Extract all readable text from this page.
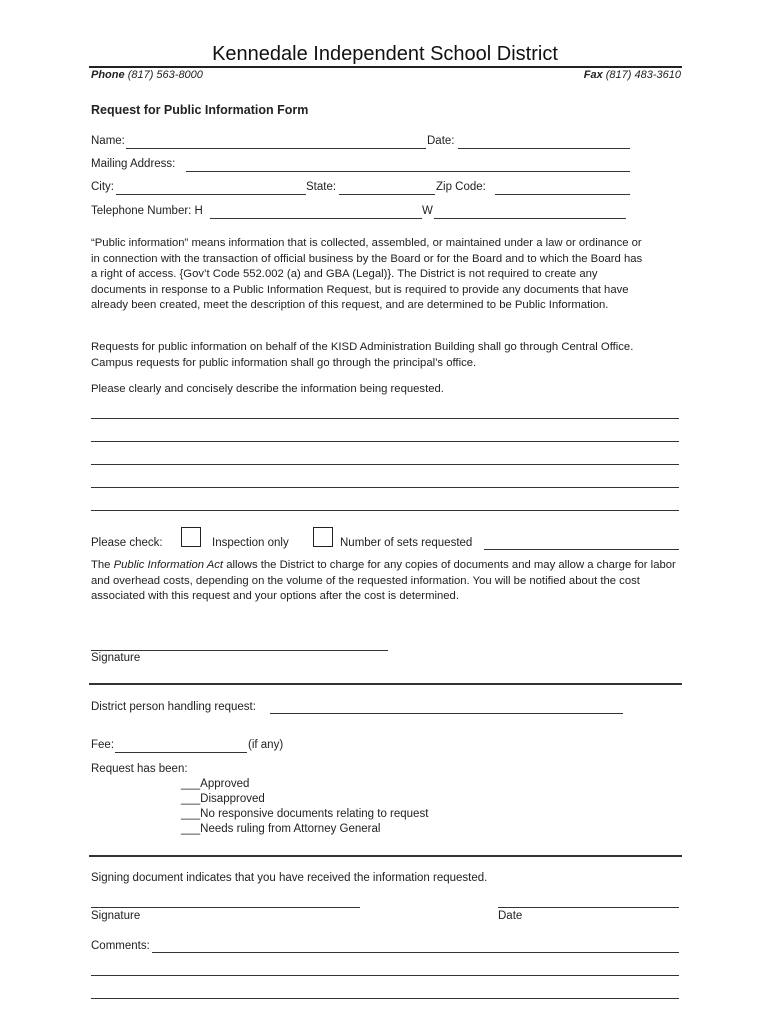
Kennedale Independent School District
Phone (817) 563-8000	Fax (817) 483-3610
Request for Public Information Form
Name:	Date:
Mailing Address:
City:	State:	Zip Code:
Telephone Number: H	W
“Public information” means information that is collected, assembled, or maintained under a law or ordinance or in connection with the transaction of official business by the Board or for the Board and to which the Board has a right of access. {Gov’t Code 552.002 (a) and GBA (Legal)}. The District is not required to create any documents in response to a Public Information Request, but is required to provide any documents that have already been created, meet the description of this request, and are determined to be Public Information.
Requests for public information on behalf of the KISD Administration Building shall go through Central Office. Campus requests for public information shall go through the principal’s office.
Please clearly and concisely describe the information being requested.
Please check:	Inspection only	Number of sets requested
The Public Information Act allows the District to charge for any copies of documents and may allow a charge for labor and overhead costs, depending on the volume of the requested information. You will be notified about the cost associated with this request and your options after the cost is determined.
Signature
District person handling request:
Fee:	(if any)
Request has been:
___Approved
___Disapproved
___No responsive documents relating to request
___Needs ruling from Attorney General
Signing document indicates that you have received the information requested.
Signature	Date
Comments:
